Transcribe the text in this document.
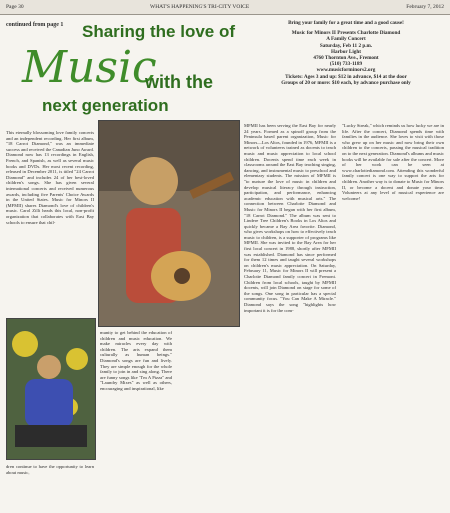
Page 30	WHAT'S HAPPENING'S TRI-CITY VOICE	February 7, 2012
continued from page 1 Sharing the love of
Music
with the
next generation
Bring your family for a great time and a good cause!
Music for Minors II Presents Charlotte Diamond
A Family Concert
Saturday, Feb 11 2 p.m.
Harbor Light
4760 Thornton Ave., Fremont
(510) 733-1189
www.musicforminors2.org
Tickets: Ages 3 and up: $12 in advance, $14 at the door
Groups of 20 or more: $10 each, by advance purchase only
This eternally blossoming love family concerts and an independent recording. Her first album, "18 Carrot Diamond," was an immediate success and received the Canadian Juno Award. Diamond now has 13 recordings in English, French, and Spanish, as well as several music books and DVDs. Her most recent recording, released in December 2011, is titled "24 Carrot Diamond" and includes 24 of her best-loved children's songs. She has given several international concerts and received numerous awards, including five Parents' Choice Awards in the United States. Music for Minors II (MFMII) shares Diamond's love of children's music. Carol Zilli heads this local, non-profit organization that collaborates with East Bay schools to ensure that chil-
MFMII has been serving the East Bay for nearly 24 years. Formed as a spinoff group from the Peninsula based parent organization, Music for Minors—Los Altos, founded in 1976, MFMII is a network of volunteers trained as docents to teach music and music appreciation to local school children. Docents spend time each week in classrooms around the East Bay teaching singing, dancing, and instrumental music to preschool and elementary students. The mission of MFMII is "to nurture the love of music in children and develop musical literacy through instruction, participation, and performance, enhancing academic education with musical arts." The connection between Charlotte Diamond and Music for Minors II began with her first album, "18 Carrot Diamond." The album was sent to Lindere Tree Children's Books in Los Altos and quickly became a Bay Area favorite. Diamond, who gives workshops on how to effectively teach music to children, is a supporter of programs like MFMII. She was invited to the Bay Area for her first local concert in 1988, shortly after MFMII was established. Diamond has since performed for them 12 times and taught several workshops on children's music appreciation. On Saturday, February 11, Music for Minors II will present a Charlotte Diamond family concert in Fremont. Children from local schools, taught by MFMII docents, will join Diamond on stage for some of the songs. One song in particular has a special community focus. "You Can Make A Miracle." Diamond says the song "highlights how important it is for the com-
"Lucky Streak," which reminds us how lucky we are in life. After the concert, Diamond spends time with families in the audience. She loves to visit with those who grew up on her music and now bring their own children to the concerts, passing the musical tradition on to the next generation. Diamond's albums and music books will be available for sale after the concert. More of her work can be seen at www.charlottediamond.com. Attending this wonderful family concert is one way to support the arts for children. Another way is to donate to Music for Minors II, or become a docent and donate your time. Volunteers at any level of musical experience are welcome!
munity to get behind the education of children and music education. We make miracles every day with children. The arts expand them culturally as human beings." Diamond's songs are fun and lively. They are simple enough for the whole family to join in and sing along. There are funny songs like "I'm A Pizza" and "Laundry Mixes" as well as others, encouraging and inspirational, like
dren continue to have the opportunity to learn about music,
